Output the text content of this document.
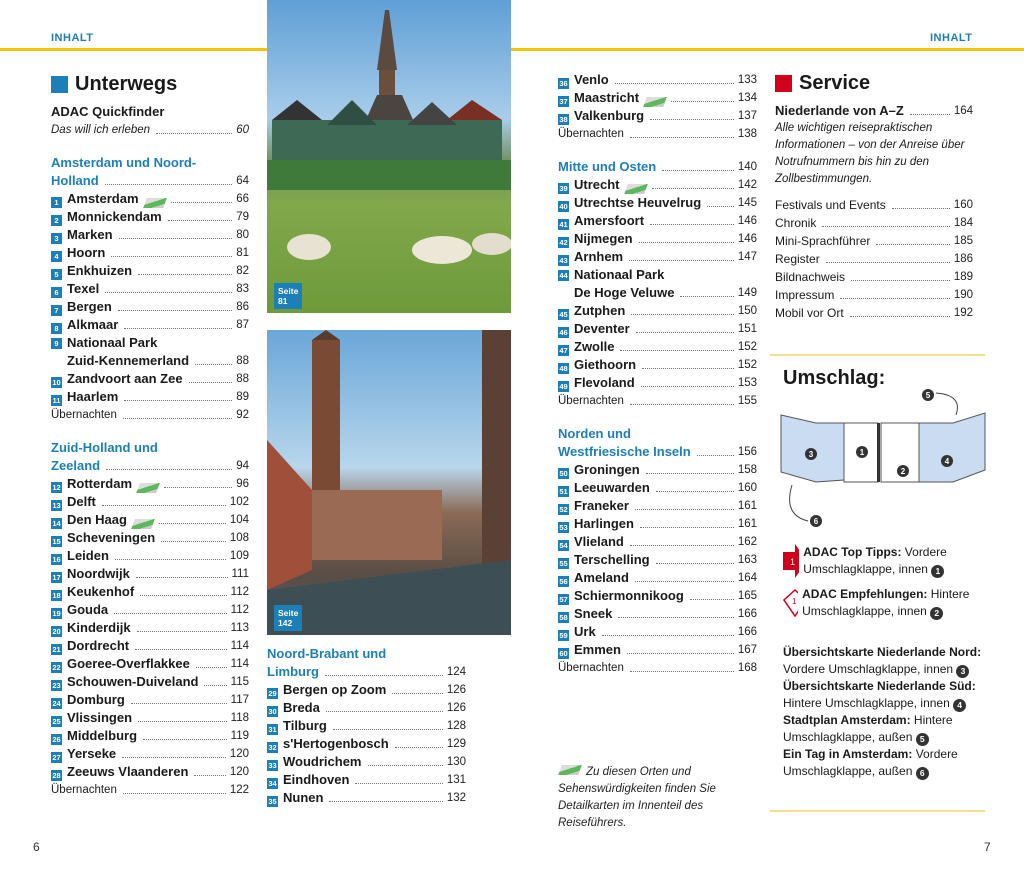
INHALT	INHALT
Unterwegs
ADAC Quickfinder
Das will ich erleben	60
Amsterdam und Noord-
Holland	64
1 Amsterdam	66
2 Monnickendam	79
3 Marken	80
4 Hoorn	81
5 Enkhuizen	82
6 Texel	83
7 Bergen	86
8 Alkmaar	87
9 Nationaal Park
Zuid-Kennemerland	88
10 Zandvoort aan Zee	88
11 Haarlem	89
Übernachten	92
Zuid-Holland und
Zeeland	94
12 Rotterdam	96
13 Delft	102
14 Den Haag	104
15 Scheveningen	108
16 Leiden	109
17 Noordwijk	111
18 Keukenhof	112
19 Gouda	112
20 Kinderdijk	113
21 Dordrecht	114
22 Goeree-Overflakkee	114
23 Schouwen-Duiveland	115
24 Domburg	117
25 Vlissingen	118
26 Middelburg	119
27 Yerseke	120
28 Zeeuws Vlaanderen	120
Übernachten	122
Seite
81
Seite
142
Noord-Brabant und
Limburg	124
29 Bergen op Zoom	126
30 Breda	126
31 Tilburg	128
32 s'Hertogenbosch	129
33 Woudrichem	130
34 Eindhoven	131
35 Nunen	132
36 Venlo	133
37 Maastricht	134
38 Valkenburg	137
Übernachten	138
Mitte und Osten	140
39 Utrecht	142
40 Utrechtse Heuvelrug	145
41 Amersfoort	146
42 Nijmegen	146
43 Arnhem	147
44 Nationaal Park
De Hoge Veluwe	149
45 Zutphen	150
46 Deventer	151
47 Zwolle	152
48 Giethoorn	152
49 Flevoland	153
Übernachten	155
Norden und
Westfriesische Inseln	156
50 Groningen	158
51 Leeuwarden	160
52 Franeker	161
53 Harlingen	161
54 Vlieland	162
55 Terschelling	163
56 Ameland	164
57 Schiermonnikoog	165
58 Sneek	166
59 Urk	166
60 Emmen	167
Übernachten	168
Zu diesen Orten und Sehenswürdigkeiten finden Sie Detailkarten im Innenteil des Reiseführers.
Service
Niederlande von A–Z	164
Alle wichtigen reisepraktischen Informationen – von der Anreise über Notrufnummern bis hin zu den Zollbestimmungen.
Festivals und Events	160
Chronik	184
Mini-Sprachführer	185
Register	186
Bildnachweis	189
Impressum	190
Mobil vor Ort	192
Umschlag:
3	1
2
4
5
6
1
ADAC Top Tipps: Vordere Umschlagklappe, innen 1
1
ADAC Empfehlungen: Hintere Umschlagklappe, innen 2
Übersichtskarte Niederlande Nord: Vordere Umschlagklappe, innen 3
Übersichtskarte Niederlande Süd: Hintere Umschlagklappe, innen 4
Stadtplan Amsterdam: Hintere Umschlagklappe, außen 5
Ein Tag in Amsterdam: Vordere Umschlagklappe, außen 6
6	7
